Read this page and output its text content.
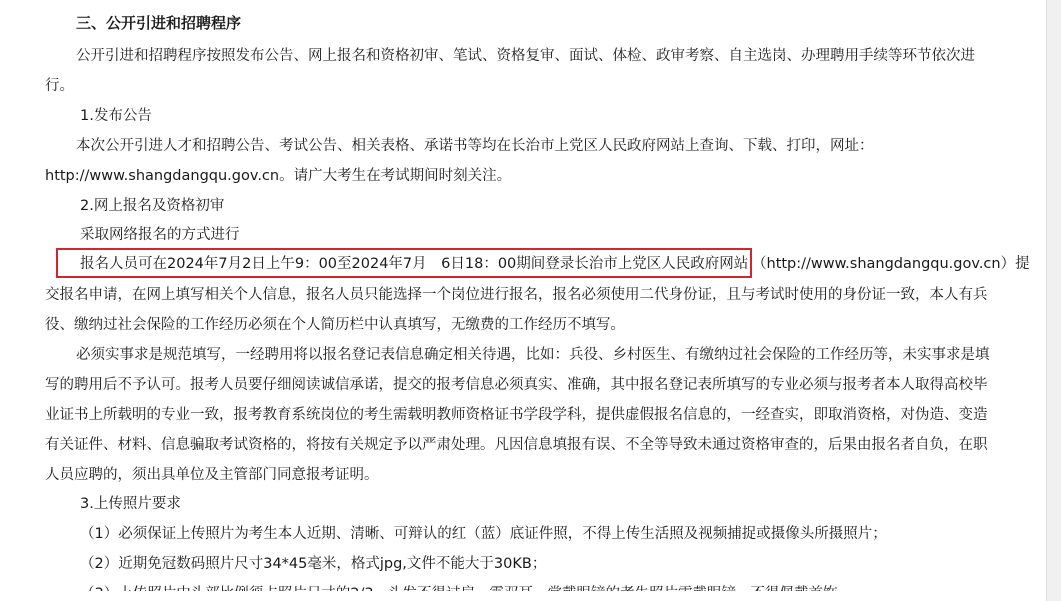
三、公开引进和招聘程序
公开引进和招聘程序按照发布公告、网上报名和资格初审、笔试、资格复审、面试、体检、政审考察、自主选岗、办理聘用手续等环节依次进
行。
1.发布公告
本次公开引进人才和招聘公告、考试公告、相关表格、承诺书等均在长治市上党区人民政府网站上查询、下载、打印，网址：
http://www.shangdangqu.gov.cn。请广大考生在考试期间时刻关注。
2.网上报名及资格初审
采取网络报名的方式进行
报名人员可在2024年7月2日上午9：00至2024年7月　6日18：00期间登录长治市上党区人民政府网站 （http://www.shangdangqu.gov.cn）提
交报名申请，在网上填写相关个人信息，报名人员只能选择一个岗位进行报名，报名必须使用二代身份证，且与考试时使用的身份证一致，本人有兵
役、缴纳过社会保险的工作经历必须在个人简历栏中认真填写，无缴费的工作经历不填写。
必须实事求是规范填写，一经聘用将以报名登记表信息确定相关待遇，比如：兵役、乡村医生、有缴纳过社会保险的工作经历等，未实事求是填
写的聘用后不予认可。报考人员要仔细阅读诚信承诺，提交的报考信息必须真实、准确，其中报名登记表所填写的专业必须与报考者本人取得高校毕
业证书上所载明的专业一致，报考教育系统岗位的考生需载明教师资格证书学段学科，提供虚假报名信息的，一经查实，即取消资格，对伪造、变造
有关证件、材料、信息骗取考试资格的，将按有关规定予以严肃处理。凡因信息填报有误、不全等导致未通过资格审查的，后果由报名者自负，在职
人员应聘的，须出具单位及主管部门同意报考证明。
3.上传照片要求
（1）必须保证上传照片为考生本人近期、清晰、可辩认的红（蓝）底证件照，不得上传生活照及视频捕捉或摄像头所摄照片；
（2）近期免冠数码照片尺寸34*45毫米，格式jpg,文件不能大于30KB；
